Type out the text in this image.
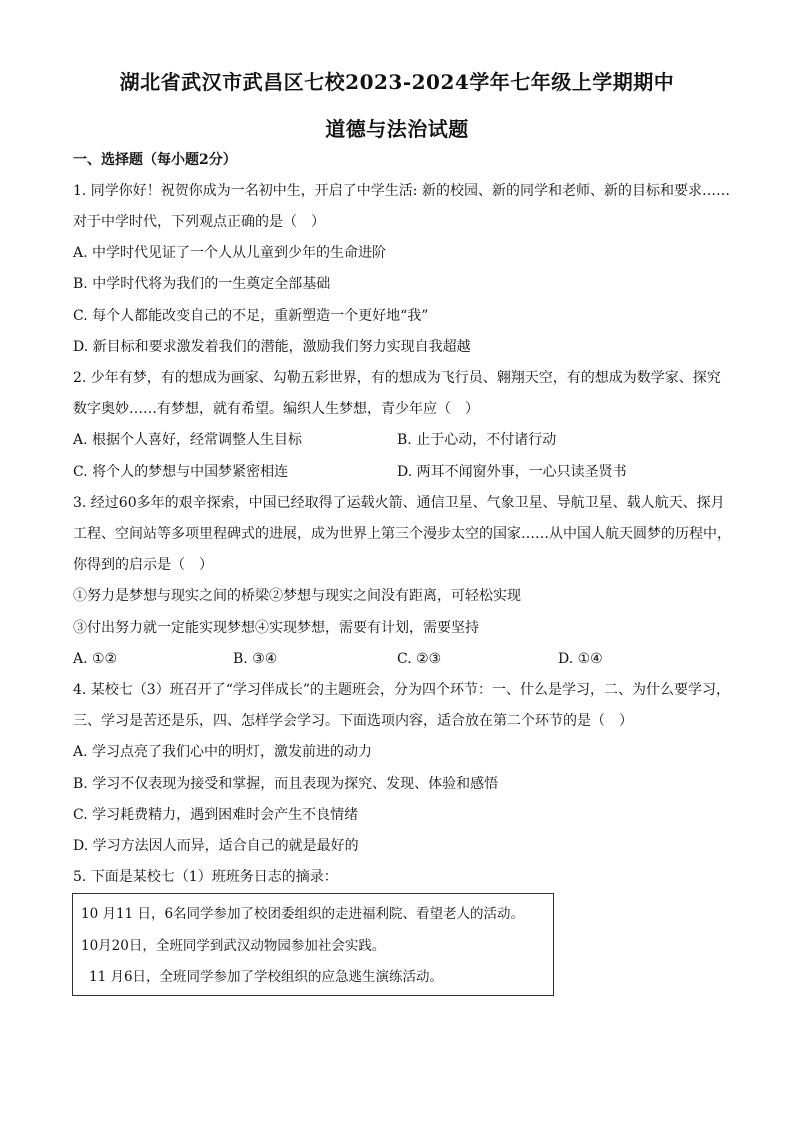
湖北省武汉市武昌区七校2023-2024学年七年级上学期期中
道德与法治试题
一、选择题（每小题2分）
1. 同学你好！祝贺你成为一名初中生，开启了中学生活: 新的校园、新的同学和老师、新的目标和要求……
对于中学时代，下列观点正确的是（　）
A. 中学时代见证了一个人从儿童到少年的生命进阶
B. 中学时代将为我们的一生奠定全部基础
C. 每个人都能改变自己的不足，重新塑造一个更好地“我”
D. 新目标和要求激发着我们的潜能，激励我们努力实现自我超越
2. 少年有梦，有的想成为画家、勾勒五彩世界，有的想成为飞行员、翱翔天空，有的想成为数学家、探究
数字奥妙……有梦想，就有希望。编织人生梦想，青少年应（　）
A. 根据个人喜好，经常调整人生目标	B. 止于心动，不付诸行动
C. 将个人的梦想与中国梦紧密相连	D. 两耳不闻窗外事，一心只读圣贤书
3. 经过60多年的艰辛探索，中国已经取得了运载火箭、通信卫星、气象卫星、导航卫星、载人航天、探月
工程、空间站等多项里程碑式的进展，成为世界上第三个漫步太空的国家……从中国人航天圆梦的历程中，
你得到的启示是（　）
①努力是梦想与现实之间的桥梁②梦想与现实之间没有距离，可轻松实现
③付出努力就一定能实现梦想④实现梦想，需要有计划，需要坚持
A. ①②	B. ③④	C. ②③	D. ①④
4. 某校七（3）班召开了“学习伴成长”的主题班会，分为四个环节：一、什么是学习，二、为什么要学习，
三、学习是苦还是乐，四、怎样学会学习。下面选项内容，适合放在第二个环节的是（　）
A. 学习点亮了我们心中的明灯，激发前进的动力
B. 学习不仅表现为接受和掌握，而且表现为探究、发现、体验和感悟
C. 学习耗费精力，遇到困难时会产生不良情绪
D. 学习方法因人而异，适合自己的就是最好的
5. 下面是某校七（1）班班务日志的摘录：
10 月11 日，6名同学参加了校团委组织的走进福利院、看望老人的活动。
10月20日，全班同学到武汉动物园参加社会实践。
11 月6日，全班同学参加了学校组织的应急逃生演练活动。
